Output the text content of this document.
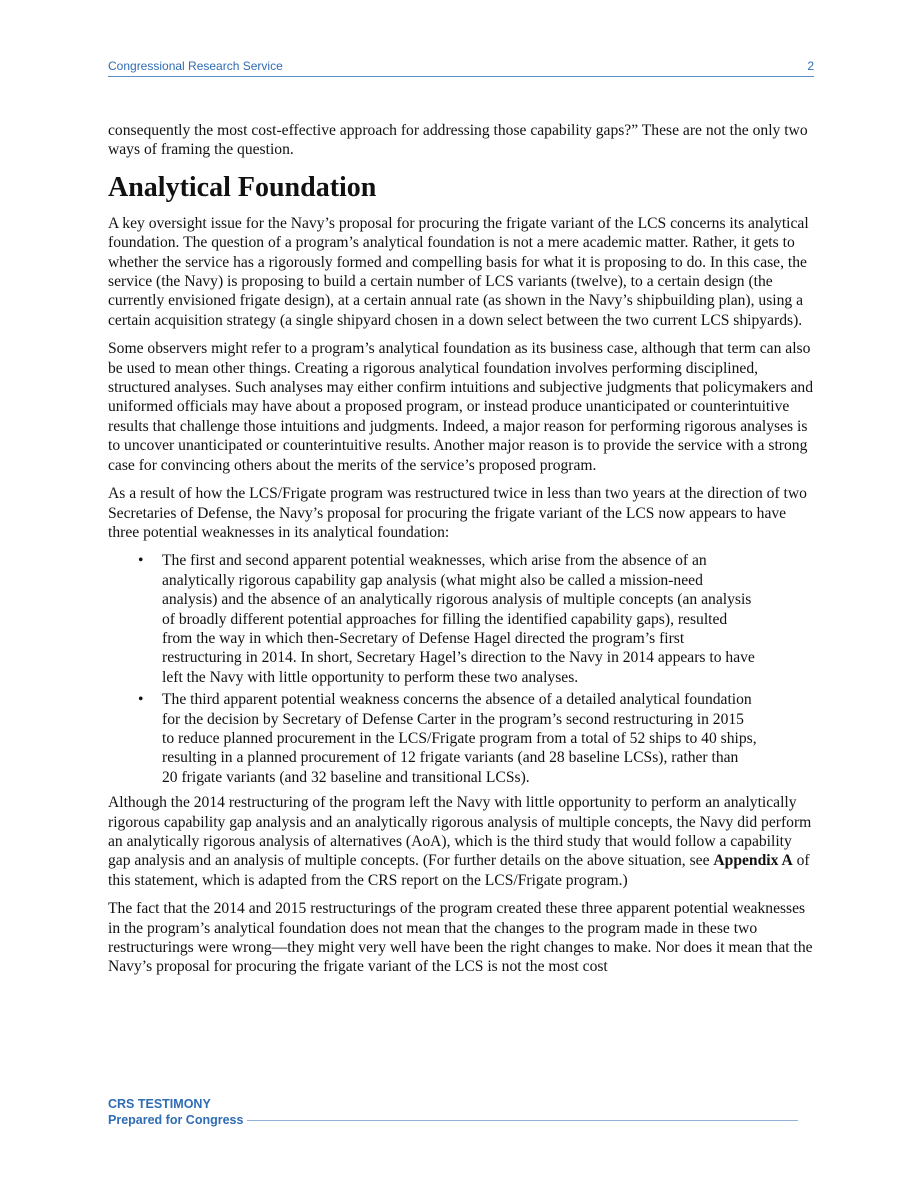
Congressional Research Service	2

consequently the most cost-effective approach for addressing those capability gaps?” These are not the only two ways of framing the question.

Analytical Foundation

A key oversight issue for the Navy’s proposal for procuring the frigate variant of the LCS concerns its analytical foundation. The question of a program’s analytical foundation is not a mere academic matter. Rather, it gets to whether the service has a rigorously formed and compelling basis for what it is proposing to do. In this case, the service (the Navy) is proposing to build a certain number of LCS variants (twelve), to a certain design (the currently envisioned frigate design), at a certain annual rate (as shown in the Navy’s shipbuilding plan), using a certain acquisition strategy (a single shipyard chosen in a down select between the two current LCS shipyards).

Some observers might refer to a program’s analytical foundation as its business case, although that term can also be used to mean other things. Creating a rigorous analytical foundation involves performing disciplined, structured analyses. Such analyses may either confirm intuitions and subjective judgments that policymakers and uniformed officials may have about a proposed program, or instead produce unanticipated or counterintuitive results that challenge those intuitions and judgments. Indeed, a major reason for performing rigorous analyses is to uncover unanticipated or counterintuitive results. Another major reason is to provide the service with a strong case for convincing others about the merits of the service’s proposed program.

As a result of how the LCS/Frigate program was restructured twice in less than two years at the direction of two Secretaries of Defense, the Navy’s proposal for procuring the frigate variant of the LCS now appears to have three potential weaknesses in its analytical foundation:

• The first and second apparent potential weaknesses, which arise from the absence of an analytically rigorous capability gap analysis (what might also be called a mission-need analysis) and the absence of an analytically rigorous analysis of multiple concepts (an analysis of broadly different potential approaches for filling the identified capability gaps), resulted from the way in which then-Secretary of Defense Hagel directed the program’s first restructuring in 2014. In short, Secretary Hagel’s direction to the Navy in 2014 appears to have left the Navy with little opportunity to perform these two analyses.
• The third apparent potential weakness concerns the absence of a detailed analytical foundation for the decision by Secretary of Defense Carter in the program’s second restructuring in 2015 to reduce planned procurement in the LCS/Frigate program from a total of 52 ships to 40 ships, resulting in a planned procurement of 12 frigate variants (and 28 baseline LCSs), rather than 20 frigate variants (and 32 baseline and transitional LCSs).

Although the 2014 restructuring of the program left the Navy with little opportunity to perform an analytically rigorous capability gap analysis and an analytically rigorous analysis of multiple concepts, the Navy did perform an analytically rigorous analysis of alternatives (AoA), which is the third study that would follow a capability gap analysis and an analysis of multiple concepts. (For further details on the above situation, see Appendix A of this statement, which is adapted from the CRS report on the LCS/Frigate program.)

The fact that the 2014 and 2015 restructurings of the program created these three apparent potential weaknesses in the program’s analytical foundation does not mean that the changes to the program made in these two restructurings were wrong—they might very well have been the right changes to make. Nor does it mean that the Navy’s proposal for procuring the frigate variant of the LCS is not the most cost

CRS TESTIMONY
Prepared for Congress
